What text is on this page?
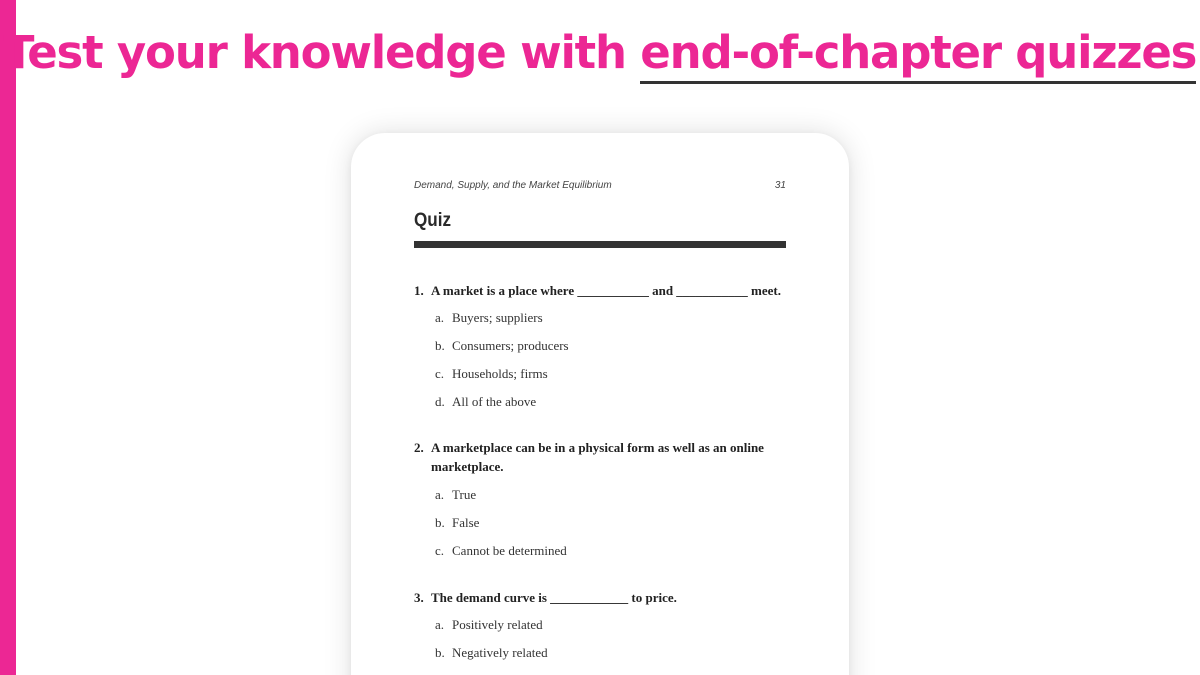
Test your knowledge with end-of-chapter quizzes
Demand, Supply, and the Market Equilibrium	31
Quiz
1. A market is a place where ___________ and ___________ meet.
a. Buyers; suppliers
b. Consumers; producers
c. Households; firms
d. All of the above
2. A marketplace can be in a physical form as well as an online marketplace.
a. True
b. False
c. Cannot be determined
3. The demand curve is ____________ to price.
a. Positively related
b. Negatively related
